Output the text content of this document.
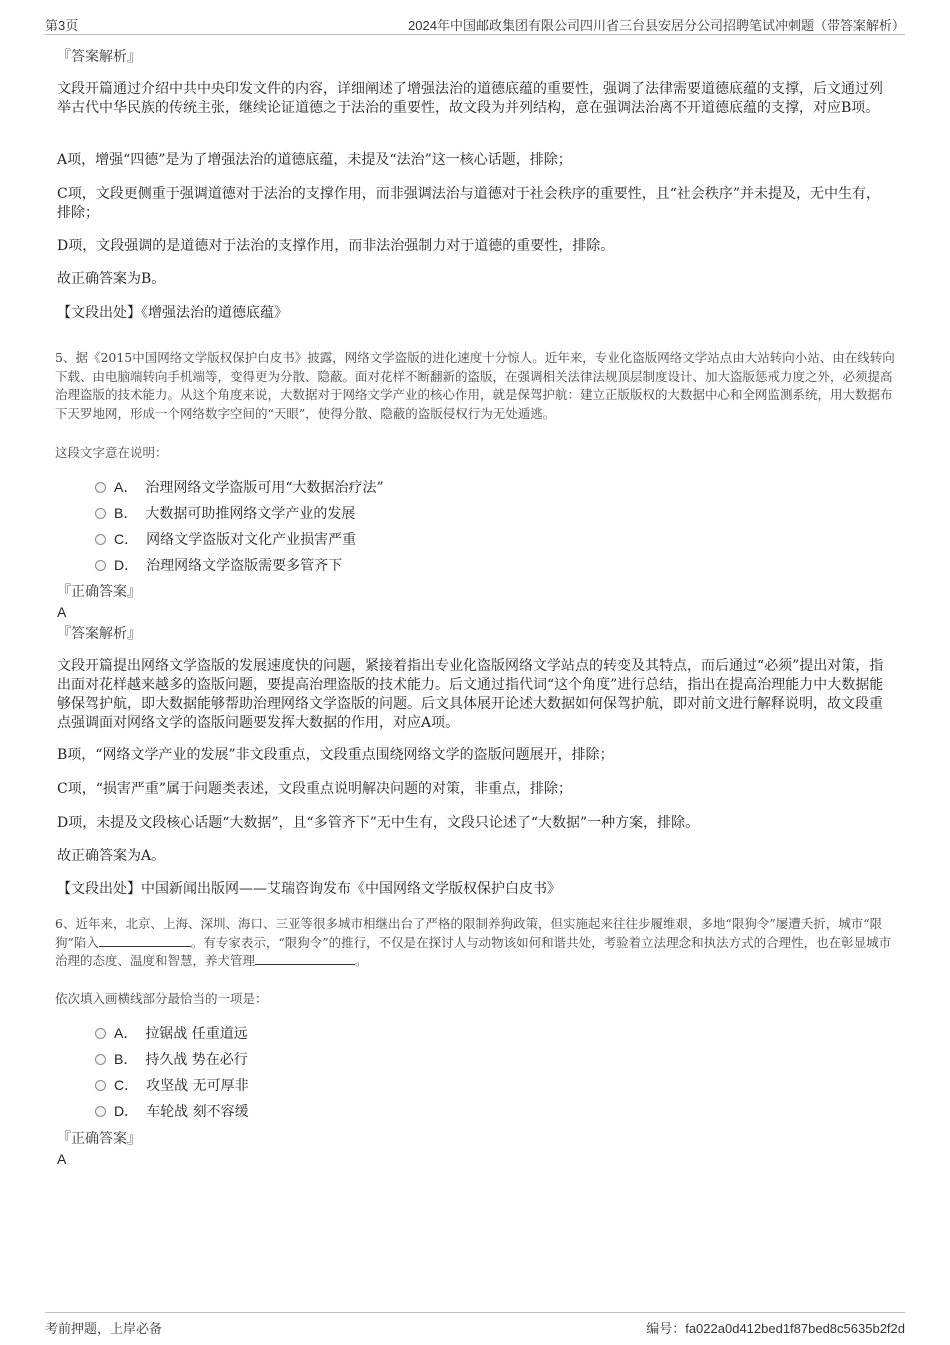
第3页	2024年中国邮政集团有限公司四川省三台县安居分公司招聘笔试冲刺题（带答案解析）
『答案解析』

文段开篇通过介绍中共中央印发文件的内容，详细阐述了增强法治的道德底蕴的重要性，强调了法律需要道德底蕴的支撑，后文通过列举古代中华民族的传统主张，继续论证道德之于法治的重要性，故文段为并列结构，意在强调法治离不开道德底蕴的支撑，对应B项。

A项，增强“四德”是为了增强法治的道德底蕴，未提及“法治”这一核心话题，排除；

C项，文段更侧重于强调道德对于法治的支撑作用，而非强调法治与道德对于社会秩序的重要性，且“社会秩序”并未提及，无中生有，排除；

D项，文段强调的是道德对于法治的支撑作用，而非法治强制力对于道德的重要性，排除。

故正确答案为B。

【文段出处】《增强法治的道德底蕴》

5、据《2015中国网络文学版权保护白皮书》披露，网络文学盗版的进化速度十分惊人。近年来，专业化盗版网络文学站点由大站转向小站、由在线转向下载、由电脑端转向手机端等，变得更为分散、隐蔽。面对花样不断翻新的盗版，在强调相关法律法规顶层制度设计、加大盗版惩戒力度之外，必须提高治理盗版的技术能力。从这个角度来说，大数据对于网络文学产业的核心作用，就是保驾护航：建立正版版权的大数据中心和全网监测系统，用大数据布下天罗地网，形成一个网络数字空间的“天眼”，使得分散、隐蔽的盗版侵权行为无处遁逃。

这段文字意在说明：

A． 治理网络文学盗版可用“大数据治疗法”
B． 大数据可助推网络文学产业的发展
C． 网络文学盗版对文化产业损害严重
D． 治理网络文学盗版需要多管齐下
『正确答案』
A
『答案解析』

文段开篇提出网络文学盗版的发展速度快的问题，紧接着指出专业化盗版网络文学站点的转变及其特点，而后通过“必须”提出对策，指出面对花样越来越多的盗版问题，要提高治理盗版的技术能力。后文通过指代词“这个角度”进行总结，指出在提高治理能力中大数据能够保驾护航，即大数据能够帮助治理网络文学盗版的问题。后文具体展开论述大数据如何保驾护航，即对前文进行解释说明，故文段重点强调面对网络文学的盗版问题要发挥大数据的作用，对应A项。

B项，“网络文学产业的发展”非文段重点，文段重点围绕网络文学的盗版问题展开，排除；

C项，“损害严重”属于问题类表述，文段重点说明解决问题的对策，非重点，排除；

D项，未提及文段核心话题“大数据”，且“多管齐下”无中生有，文段只论述了“大数据”一种方案，排除。

故正确答案为A。

【文段出处】中国新闻出版网——艾瑞咨询发布《中国网络文学版权保护白皮书》

6、近年来，北京、上海、深圳、海口、三亚等很多城市相继出台了严格的限制养狗政策，但实施起来往往步履维艰，多地“限狗令”屡遭夭折，城市“限狗”陷入	。有专家表示，“限狗令”的推行，不仅是在探讨人与动物该如何和谐共处，考验着立法理念和执法方式的合理性，也在彰显城市治理的态度、温度和智慧，养犬管理	。

依次填入画横线部分最恰当的一项是：

A． 拉锯战 任重道远
B． 持久战 势在必行
C． 攻坚战 无可厚非
D． 车轮战 刻不容缓
『正确答案』
A
考前押题，上岸必备	编号：fa022a0d412bed1f87bed8c5635b2f2d
